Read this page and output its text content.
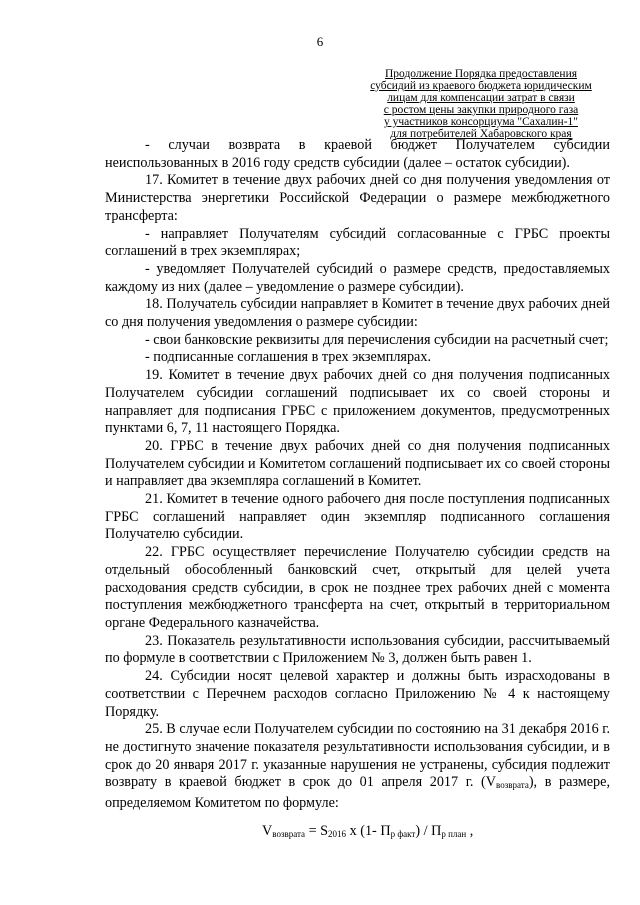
6
Продолжение Порядка предоставления
субсидий из краевого бюджета юридическим
лицам для компенсации затрат в связи
с ростом цены закупки природного газа
у участников консорциума "Сахалин-1"
для потребителей Хабаровского края

- случаи возврата в краевой бюджет Получателем субсидии неиспользованных в 2016 году средств субсидии (далее – остаток субсидии).

17. Комитет в течение двух рабочих дней со дня получения уведомления от Министерства энергетики Российской Федерации о размере межбюджетного трансферта:

- направляет Получателям субсидий согласованные с ГРБС проекты соглашений в трех экземплярах;

- уведомляет Получателей субсидий о размере средств, предоставляемых каждому из них (далее – уведомление о размере субсидии).

18. Получатель субсидии направляет в Комитет в течение двух рабочих дней со дня получения уведомления о размере субсидии:

- свои банковские реквизиты для перечисления субсидии на расчетный счет;

- подписанные соглашения в трех экземплярах.

19. Комитет в течение двух рабочих дней со дня получения подписанных Получателем субсидии соглашений подписывает их со своей стороны и направляет для подписания ГРБС с приложением документов, предусмотренных пунктами 6, 7, 11 настоящего Порядка.

20. ГРБС в течение двух рабочих дней со дня получения подписанных Получателем субсидии и Комитетом соглашений подписывает их со своей стороны и направляет два экземпляра соглашений в Комитет.

21. Комитет в течение одного рабочего дня после поступления подписанных ГРБС соглашений направляет один экземпляр подписанного соглашения Получателю субсидии.

22. ГРБС осуществляет перечисление Получателю субсидии средств на отдельный обособленный банковский счет, открытый для целей учета расходования средств субсидии, в срок не позднее трех рабочих дней с момента поступления межбюджетного трансферта на счет, открытый в территориальном органе Федерального казначейства.

23. Показатель результативности использования субсидии, рассчитываемый по формуле в соответствии с Приложением № 3, должен быть равен 1.

24. Субсидии носят целевой характер и должны быть израсходованы в соответствии с Перечнем расходов согласно Приложению № 4 к настоящему Порядку.

25. В случае если Получателем субсидии по состоянию на 31 декабря 2016 г. не достигнуто значение показателя результативности использования субсидии, и в срок до 20 января 2017 г. указанные нарушения не устранены, субсидия подлежит возврату в краевой бюджет в срок до 01 апреля 2017 г. $(V_{возврата})$, в размере, определяемом Комитетом по формуле:

$V_{возврата} = S_{2016}$ x (1- $П_{р факт}) / П_{р план}$ ,
